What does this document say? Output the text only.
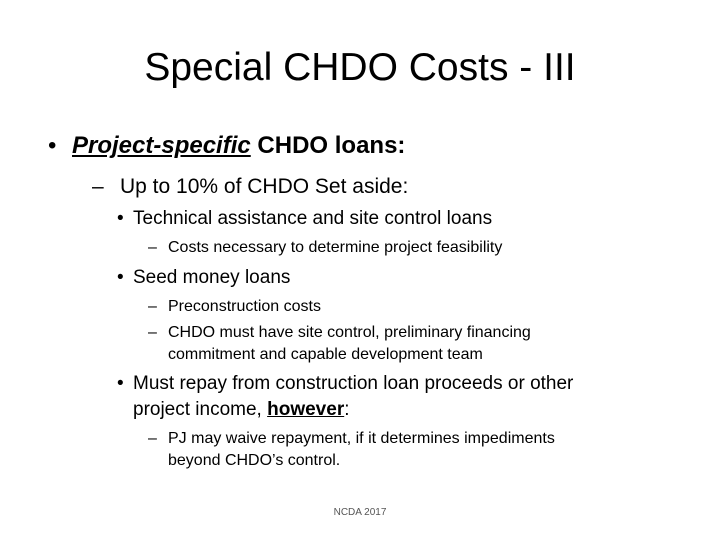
Special CHDO Costs - III
• Project-specific CHDO loans:
– Up to 10% of CHDO Set aside:
• Technical assistance and site control loans
– Costs necessary to determine project feasibility
• Seed money loans
– Preconstruction costs
– CHDO must have site control, preliminary financing
commitment and capable development team
• Must repay from construction loan proceeds or other
project income, however:
– PJ may waive repayment, if it determines impediments
beyond CHDO’s control.
NCDA 2017
